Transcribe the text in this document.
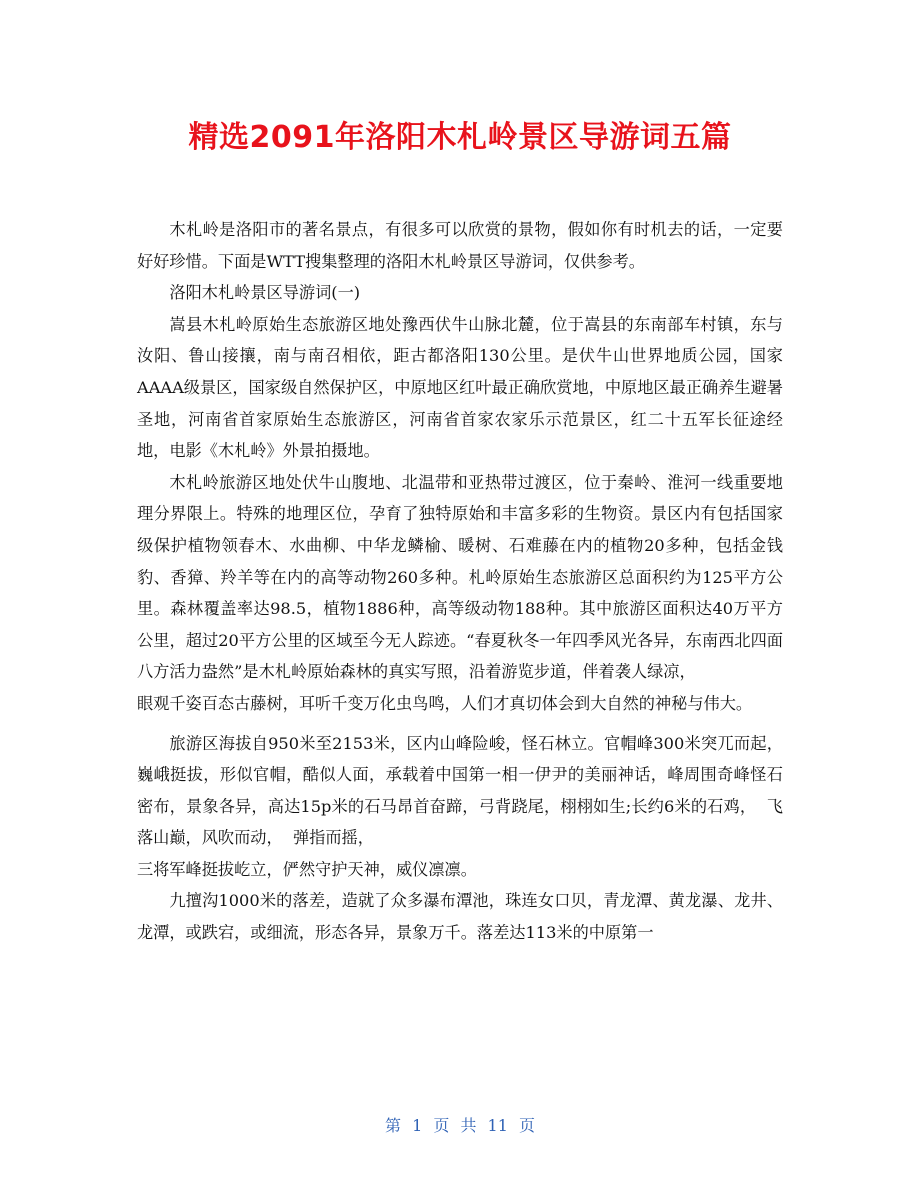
精选2091年洛阳木札岭景区导游词五篇

木札岭是洛阳市的著名景点，有很多可以欣赏的景物，假如你有时机去的话，一定要好好珍惜。下面是WTT搜集整理的洛阳木札岭景区导游词，仅供参考。

洛阳木札岭景区导游词(一)

嵩县木札岭原始生态旅游区地处豫西伏牛山脉北麓，位于嵩县的东南部车村镇，东与汝阳、鲁山接攘，南与南召相依，距古都洛阳130公里。是伏牛山世界地质公园，国家AAAA级景区，国家级自然保护区，中原地区红叶最正确欣赏地，中原地区最正确养生避暑圣地，河南省首家原始生态旅游区，河南省首家农家乐示范景区，红二十五军长征途经地，电影《木札岭》外景拍摄地。

木札岭旅游区地处伏牛山腹地、北温带和亚热带过渡区，位于秦岭、淮河一线重要地理分界限上。特殊的地理区位，孕育了独特原始和丰富多彩的生物资。景区内有包括国家级保护植物领春木、水曲柳、中华龙鳞榆、暖树、石难藤在内的植物20多种，包括金钱豹、香獐、羚羊等在内的高等动物260多种。札岭原始生态旅游区总面积约为125平方公里。森林覆盖率达98.5，植物1886种，高等级动物188种。其中旅游区面积达40万平方公里，超过20平方公里的区域至今无人踪迹。“春夏秋冬一年四季风光各异，东南西北四面八方活力盎然”是木札岭原始森林的真实写照，沿着游览步道，伴着袭人绿凉，

眼观千姿百态古藤树，耳听千变万化虫鸟鸣，人们才真切体会到大自然的神秘与伟大。

旅游区海拔自950米至2153米，区内山峰险峻，怪石林立。官帽峰300米突兀而起，巍峨挺拔，形似官帽，酷似人面，承载着中国第一相一伊尹的美丽神话，峰周围奇峰怪石密布，景象各异，高达15p米的石马昂首奋蹄，弓背跷尾，栩栩如生;长约6米的石鸡，  飞落山巅，风吹而动，  弹指而摇，

三将军峰挺拔屹立，俨然守护天神，威仪凛凛。

九擅沟1000米的落差，造就了众多瀑布潭池，珠连女口贝，青龙潭、黄龙瀑、龙井、龙潭，或跌宕，或细流，形态各异，景象万千。落差达113米的中原第一

第 1 页 共 11 页
